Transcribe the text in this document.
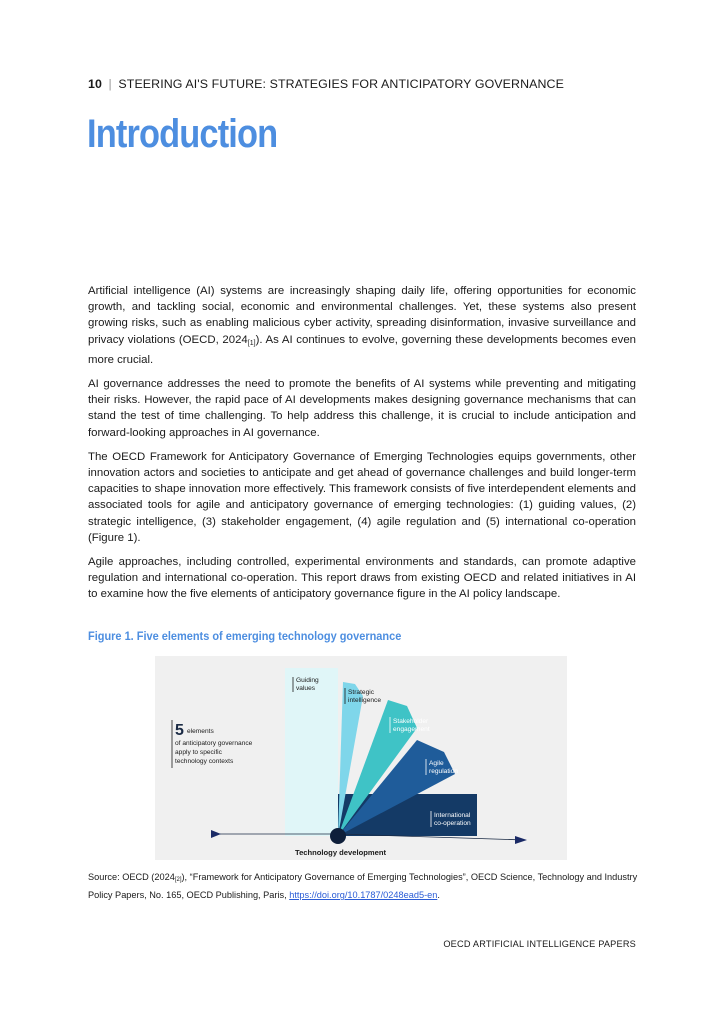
10 | STEERING AI'S FUTURE: STRATEGIES FOR ANTICIPATORY GOVERNANCE
Introduction

Artificial intelligence (AI) systems are increasingly shaping daily life, offering opportunities for economic growth, and tackling social, economic and environmental challenges. Yet, these systems also present growing risks, such as enabling malicious cyber activity, spreading disinformation, invasive surveillance and privacy violations (OECD, $2024_{[1]}$). As AI continues to evolve, governing these developments becomes even more crucial.

AI governance addresses the need to promote the benefits of AI systems while preventing and mitigating their risks. However, the rapid pace of AI developments makes designing governance mechanisms that can stand the test of time challenging. To help address this challenge, it is crucial to include anticipation and forward-looking approaches in AI governance.

The OECD Framework for Anticipatory Governance of Emerging Technologies equips governments, other innovation actors and societies to anticipate and get ahead of governance challenges and build longer-term capacities to shape innovation more effectively. This framework consists of five interdependent elements and associated tools for agile and anticipatory governance of emerging technologies: (1) guiding values, (2) strategic intelligence, (3) stakeholder engagement, (4) agile regulation and (5) international co-operation (Figure 1).

Agile approaches, including controlled, experimental environments and standards, can promote adaptive regulation and international co-operation. This report draws from existing OECD and related initiatives in AI to examine how the five elements of anticipatory governance figure in the AI policy landscape.

Figure 1. Five elements of emerging technology governance
Guiding
values
Strategic
intelligence
Stakeholder
engagement
Agile
regulation
International
co-operation
5 elements
of anticipatory governance
apply to specific
technology contexts
Technology development
Source: OECD $(2024_{[2]})$, “Framework for Anticipatory Governance of Emerging Technologies”, OECD Science, Technology and Industry Policy Papers, No. 165, OECD Publishing, Paris, https://doi.org/10.1787/0248ead5-en.
OECD ARTIFICIAL INTELLIGENCE PAPERS
